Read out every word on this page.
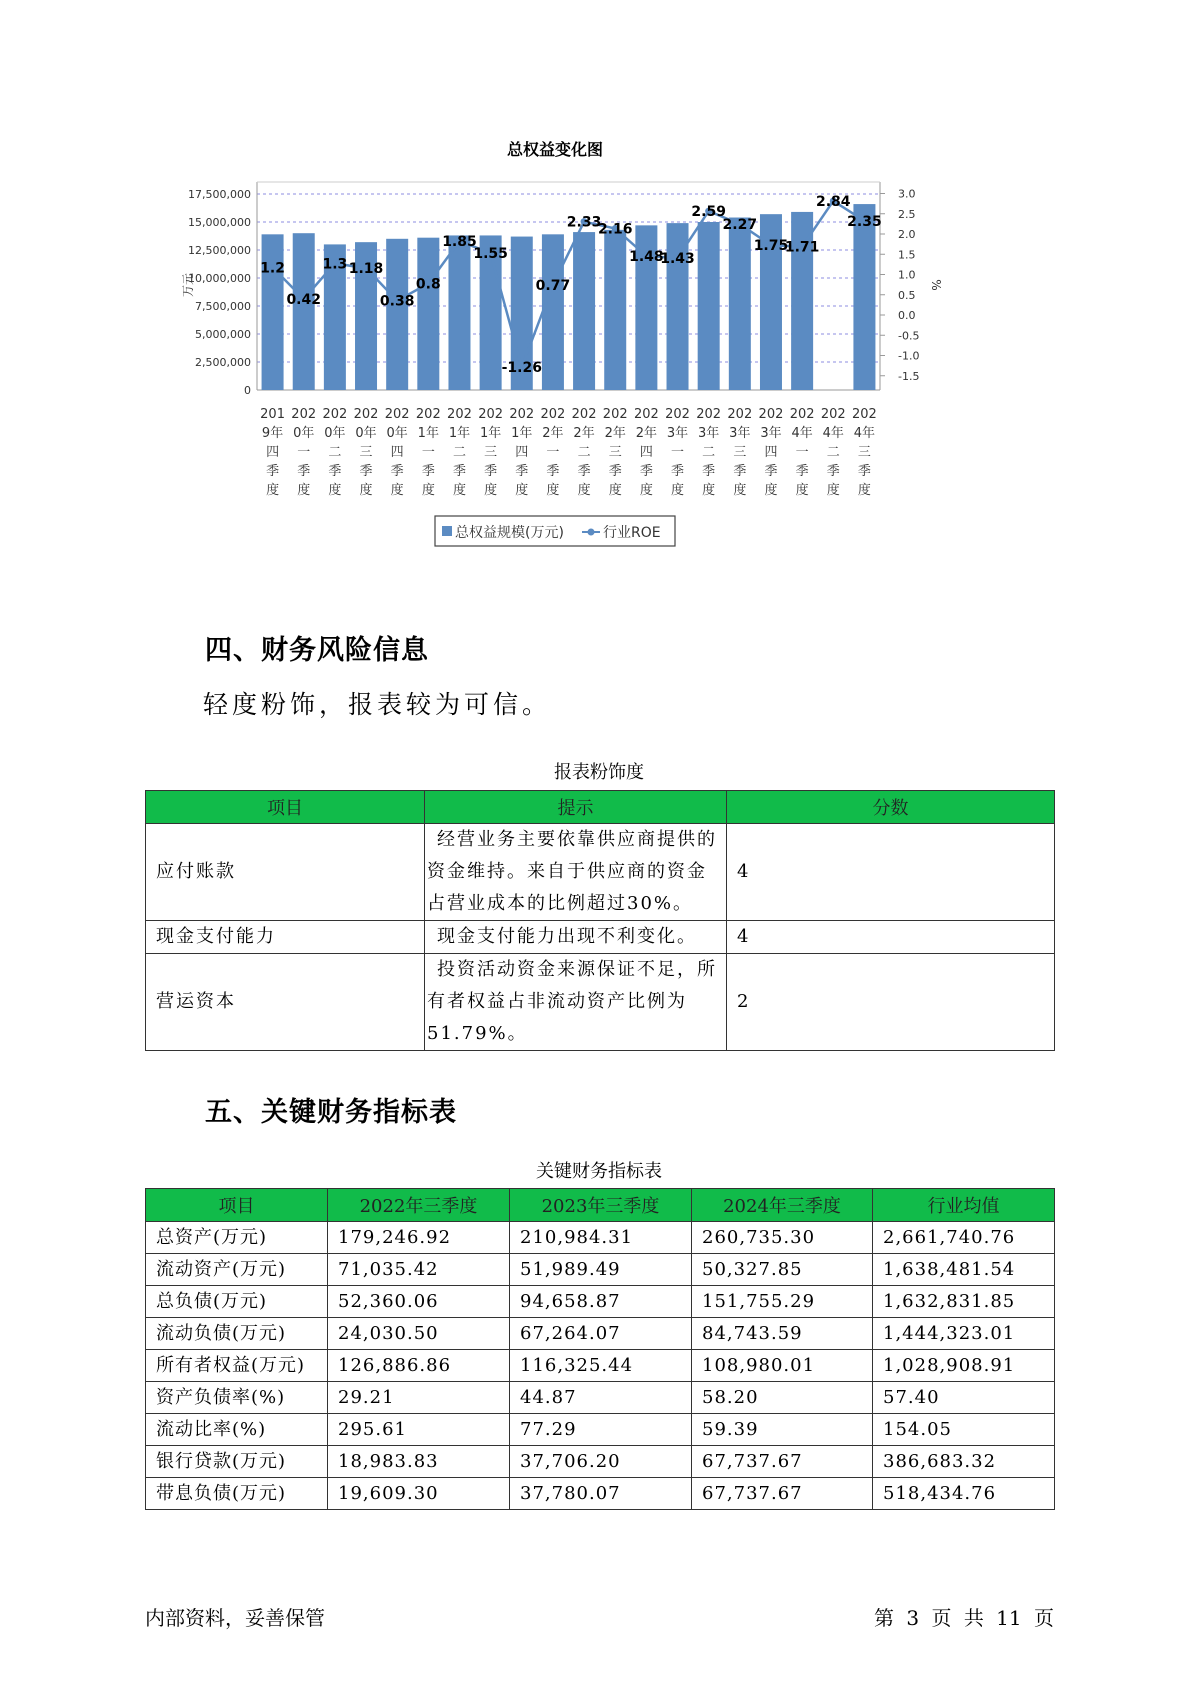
总权益变化图
17,500,000
15,000,000
12,500,000
10,000,000
7,500,000
5,000,000
2,500,000
0
3.0
2.5
2.0
1.5
1.0
0.5
0.0
-0.5
-1.0
-1.5
万元	%
1.2
0.42
1.3 1.18
0.38
0.8
1.85
1.55
-1.26
0.77
2.33
2.16
1.48
1.43
2.59
2.27
1.75
1.71
2.84
2.35
201
9年
四
季
度
202
0年
一
季
度
202
0年
二
季
度
202
0年
三
季
度
202
0年
四
季
度
202
1年
一
季
度
202
1年
二
季
度
202
1年
三
季
度
202
1年
四
季
度
202
2年
一
季
度
202
2年
二
季
度
202
2年
三
季
度
202
2年
四
季
度
202
3年
一
季
度
202
3年
二
季
度
202
3年
三
季
度
202
3年
四
季
度
202
4年
一
季
度
202
4年
二
季
度
202
4年
三
季
度
总权益规模(万元)	行业ROE
四、财务风险信息

轻度粉饰，报表较为可信。

报表粉饰度

项目	提示	分数
应付账款	经营业务主要依靠供应商提供的资金维持。来自于供应商的资金占营业成本的比例超过30%。	4
现金支付能力	现金支付能力出现不利变化。	4
营运资本	投资活动资金来源保证不足，所有者权益占非流动资产比例为51.79%。	2
五、关键财务指标表

关键财务指标表

项目	2022年三季度	2023年三季度	2024年三季度	行业均值
总资产(万元)	179,246.92	210,984.31	260,735.30	2,661,740.76
流动资产(万元)	71,035.42	51,989.49	50,327.85	1,638,481.54
总负债(万元)	52,360.06	94,658.87	151,755.29	1,632,831.85
流动负债(万元)	24,030.50	67,264.07	84,743.59	1,444,323.01
所有者权益(万元)	126,886.86	116,325.44	108,980.01	1,028,908.91
资产负债率(%)	29.21	44.87	58.20	57.40
流动比率(%)	295.61	77.29	59.39	154.05
银行贷款(万元)	18,983.83	37,706.20	67,737.67	386,683.32
带息负债(万元)	19,609.30	37,780.07	67,737.67	518,434.76

内部资料，妥善保管	第 3 页 共 11 页
